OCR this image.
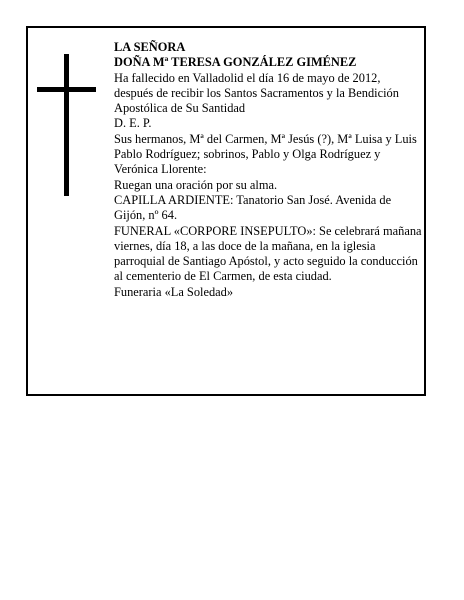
LA SEÑORA
DOÑA Mª TERESA GONZÁLEZ GIMÉNEZ
Ha fallecido en Valladolid el día 16 de mayo de 2012, después de recibir los Santos Sacramentos y la Bendición Apostólica de Su Santidad
D. E. P.
Sus hermanos, Mª del Carmen, Mª Jesús (?), Mª Luisa y Luis Pablo Rodríguez; sobrinos, Pablo y Olga Rodríguez y Verónica Llorente:
Ruegan una oración por su alma.
CAPILLA ARDIENTE: Tanatorio San José. Avenida de Gijón, nº 64.
FUNERAL «CORPORE INSEPULTO»: Se celebrará mañana viernes, día 18, a las doce de la mañana, en la iglesia parroquial de Santiago Apóstol, y acto seguido la conducción al cementerio de El Carmen, de esta ciudad.
Funeraria «La Soledad»
